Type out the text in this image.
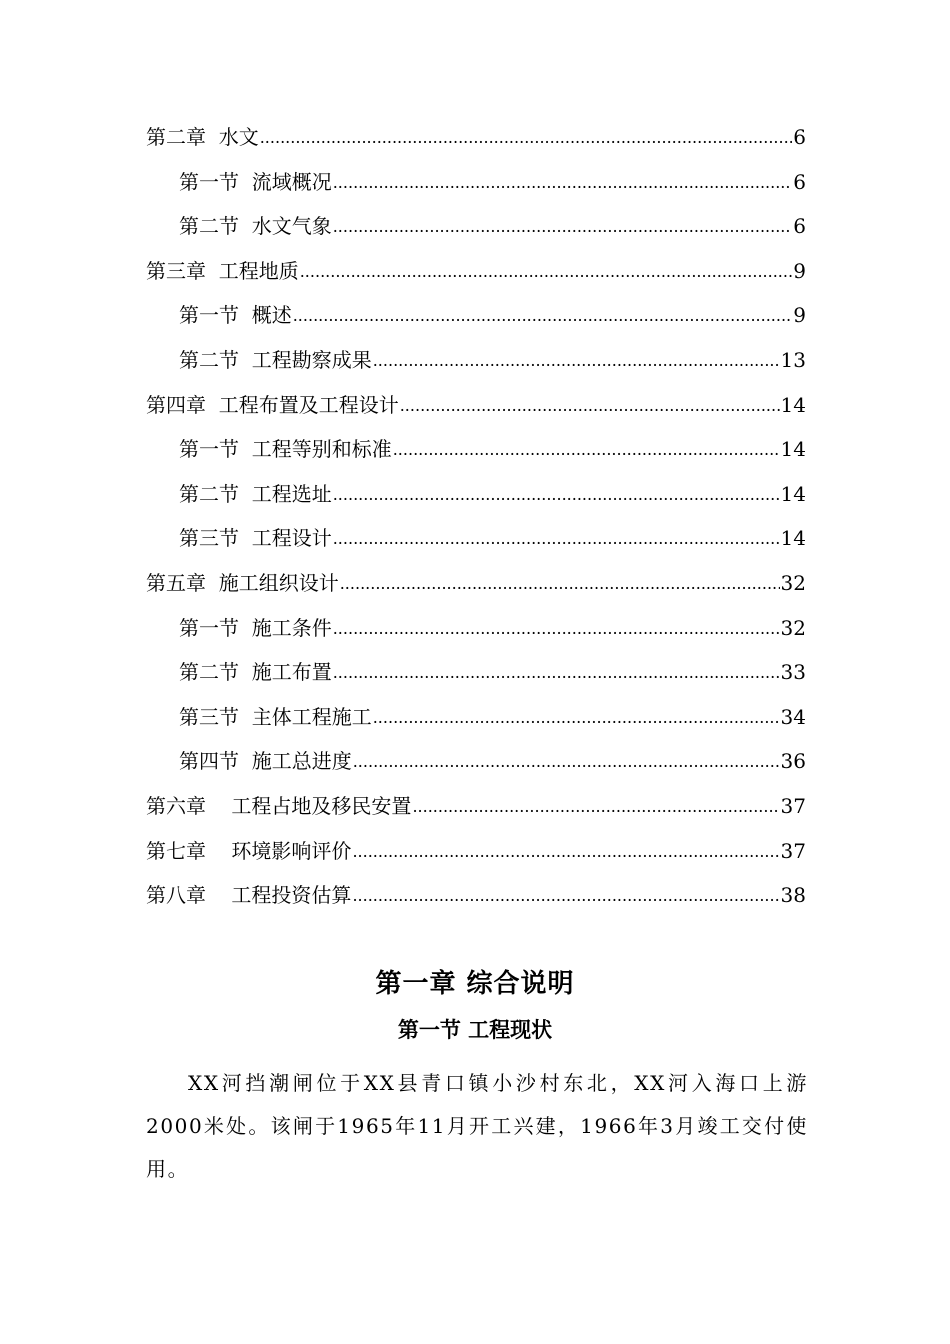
第二章  水文 .....	6
第一节  流域概况 .....	6
第二节  水文气象 .....	6
第三章  工程地质 .....	9
第一节  概述 .....	9
第二节  工程勘察成果 .....	13
第四章  工程布置及工程设计 .....	14
第一节  工程等别和标准 .....	14
第二节  工程选址 .....	14
第三节  工程设计 .....	14
第五章  施工组织设计 .....	32
第一节  施工条件 .....	32
第二节  施工布置 .....	33
第三节  主体工程施工 .....	34
第四节  施工总进度 .....	36
第六章    工程占地及移民安置 .....	37
第七章    环境影响评价 .....	37
第八章    工程投资估算 .....	38
第一章 综合说明
第一节 工程现状
XX河挡潮闸位于XX县青口镇小沙村东北，XX河入海口上游2000米处。该闸于1965年11月开工兴建，1966年3月竣工交付使用。
